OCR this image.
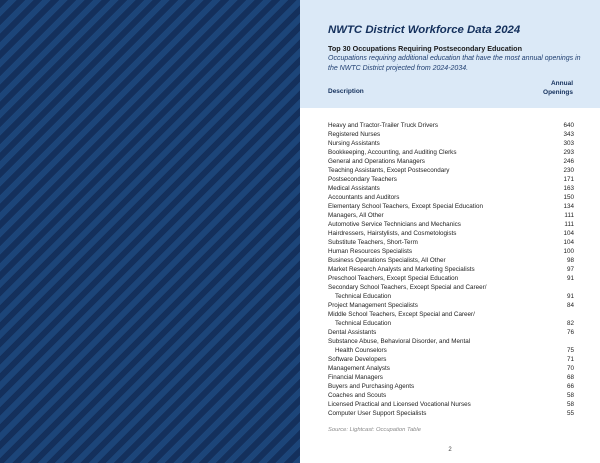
NWTC District Workforce Data 2024
Top 30 Occupations Requiring Postsecondary Education
Occupations requiring additional education that have the most annual openings in the NWTC District projected from 2024-2034.
Description
Annual
Openings
Heavy and Tractor-Trailer Truck Drivers	640
Registered Nurses	343
Nursing Assistants	303
Bookkeeping, Accounting, and Auditing Clerks	293
General and Operations Managers	246
Teaching Assistants, Except Postsecondary	230
Postsecondary Teachers	171
Medical Assistants	163
Accountants and Auditors	150
Elementary School Teachers, Except Special Education	134
Managers, All Other	111
Automotive Service Technicians and Mechanics	111
Hairdressers, Hairstylists, and Cosmetologists	104
Substitute Teachers, Short-Term	104
Human Resources Specialists	100
Business Operations Specialists, All Other	98
Market Research Analysts and Marketing Specialists	97
Preschool Teachers, Except Special Education	91
Secondary School Teachers, Except Special and Career/
Technical Education	91
Project Management Specialists	84
Middle School Teachers, Except Special and Career/
Technical Education	82
Dental Assistants	76
Substance Abuse, Behavioral Disorder, and Mental
Health Counselors	75
Software Developers	71
Management Analysts	70
Financial Managers	68
Buyers and Purchasing Agents	66
Coaches and Scouts	58
Licensed Practical and Licensed Vocational Nurses	58
Computer User Support Specialists	55
Source: Lightcast: Occupation Table
2
